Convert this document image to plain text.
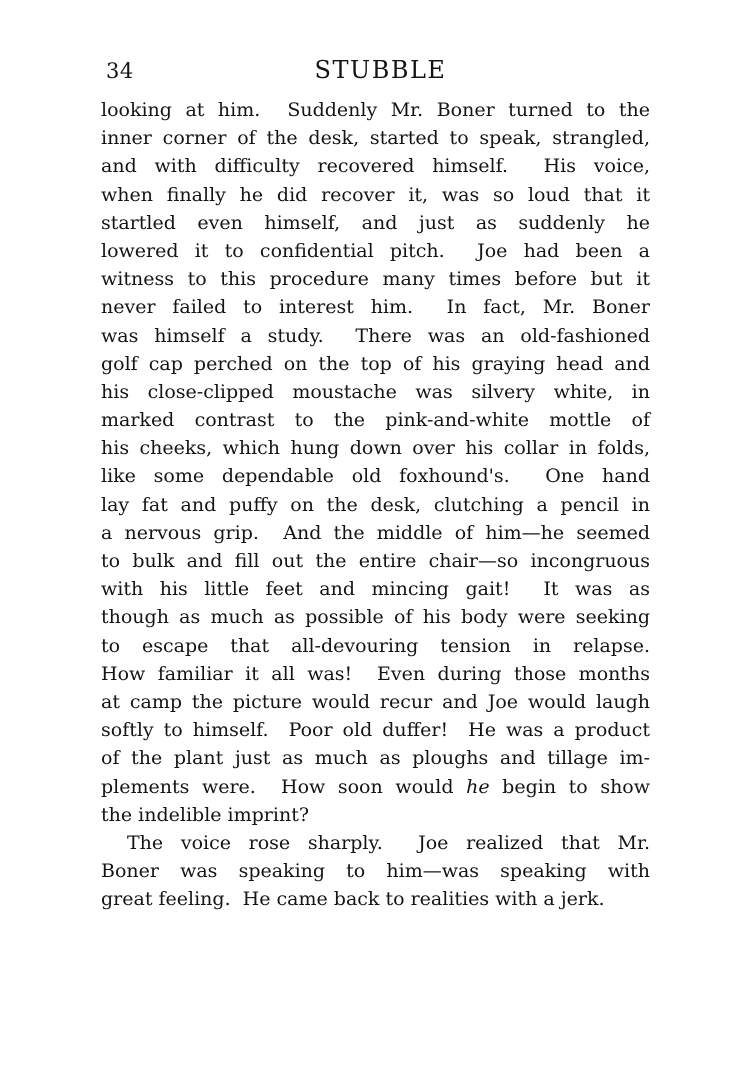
34	STUBBLE
looking at him.  Suddenly Mr. Boner turned to the
inner corner of the desk, started to speak, strangled,
and with difficulty recovered himself.  His voice,
when finally he did recover it, was so loud that it
startled even himself, and just as suddenly he
lowered it to confidential pitch.  Joe had been a
witness to this procedure many times before but it
never failed to interest him.  In fact, Mr. Boner
was himself a study.  There was an old-fashioned
golf cap perched on the top of his graying head and
his close-clipped moustache was silvery white, in
marked contrast to the pink-and-white mottle of
his cheeks, which hung down over his collar in folds,
like some dependable old foxhound's.  One hand
lay fat and puffy on the desk, clutching a pencil in
a nervous grip.  And the middle of him—he seemed
to bulk and fill out the entire chair—so incongruous
with his little feet and mincing gait!  It was as
though as much as possible of his body were seeking
to escape that all-devouring tension in relapse.
How familiar it all was!  Even during those months
at camp the picture would recur and Joe would laugh
softly to himself.  Poor old duffer!  He was a product
of the plant just as much as ploughs and tillage im-
plements were.  How soon would he begin to show
the indelible imprint?
The voice rose sharply.  Joe realized that Mr.
Boner was speaking to him—was speaking with
great feeling.  He came back to realities with a jerk.
